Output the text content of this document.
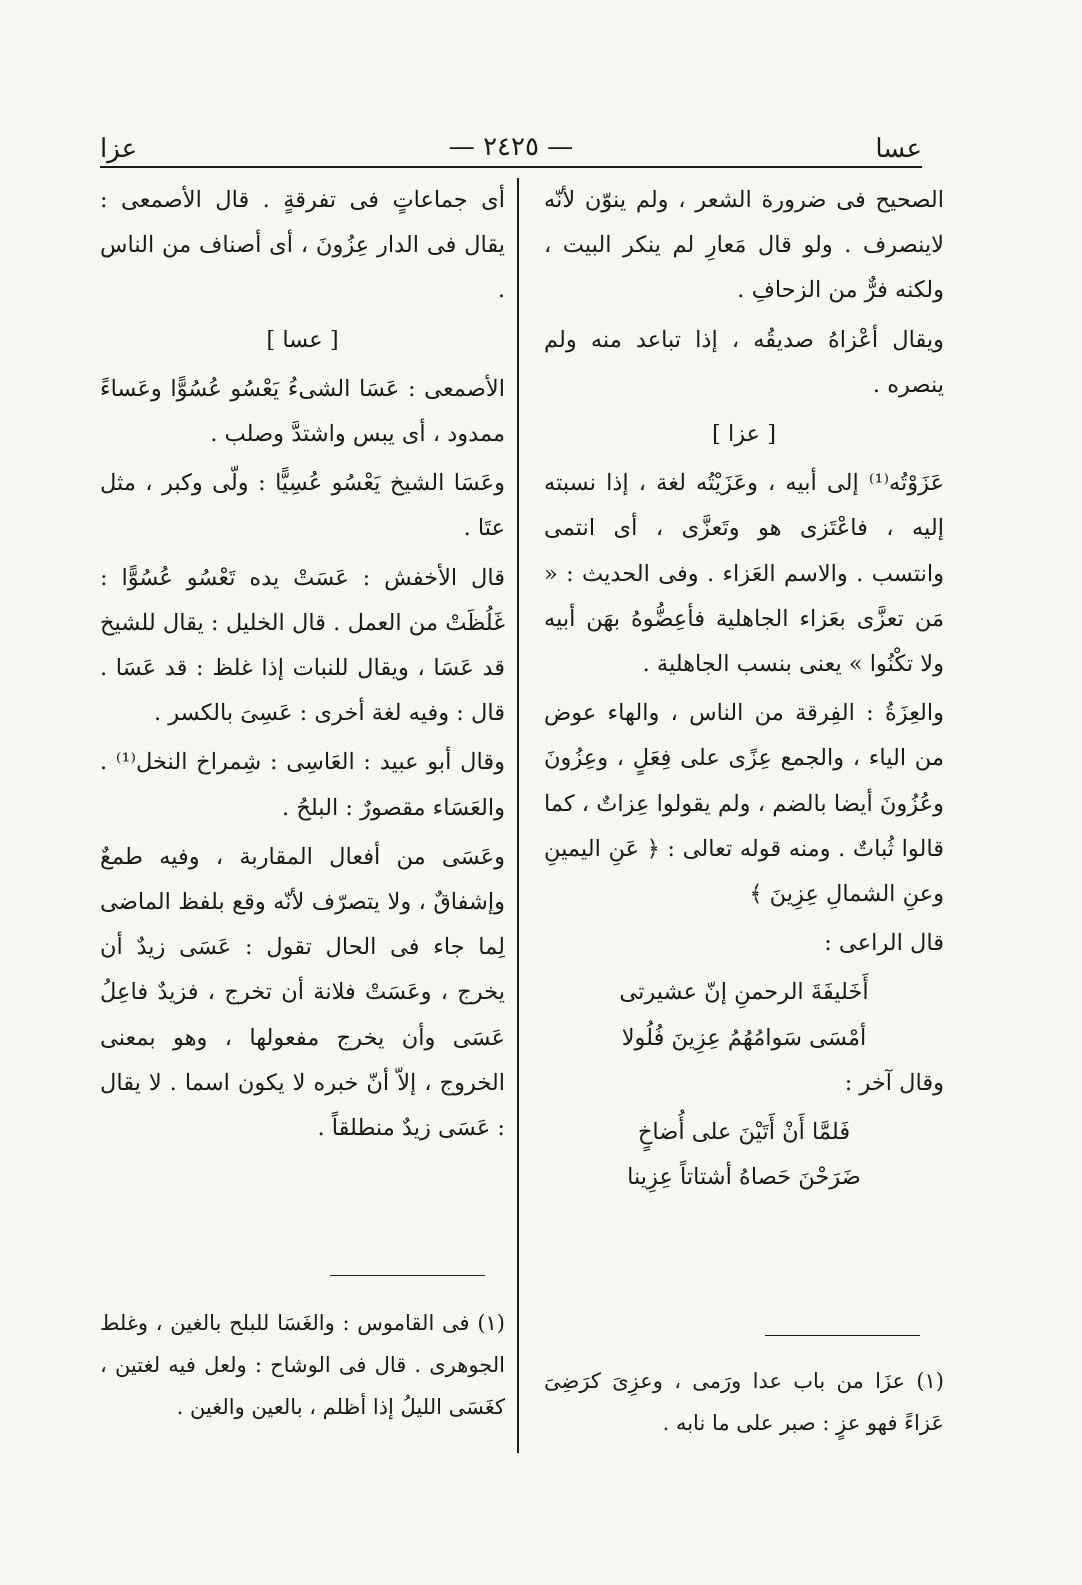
عسا
— ٢٤٢٥ —
عزا

الصحيح فى ضرورة الشعر ، ولم ينوّن لأنّه لاينصرف . ولو قال مَعارِ لم ينكر البيت ، ولكنه فرٌّ من الزحافِ .

ويقال أعْزاهُ صديقُه ، إذا تباعد منه ولم ينصره .

[ عزا ]

عَزَوْتُه⁽¹⁾ إلى أبيه ، وعَزَيْتُه لغة ، إذا نسبته إليه ، فاعْتَزى هو وتَعزَّى ، أى انتمى وانتسب . والاسم العَزاء . وفى الحديث : « مَن تعزَّى بعَزاء الجاهلية فأعِضُّوهُ بهَن أبيه ولا تكْنُوا » يعنى بنسب الجاهلية .

والعِزَةُ : الفِرقة من الناس ، والهاء عوض من الياء ، والجمع عِزًى على فِعَلٍ ، وعِزُونَ وعُزُونَ أيضا بالضم ، ولم يقولوا عِزاتٌ ، كما قالوا ثُباتٌ . ومنه قوله تعالى : ﴿ عَنِ اليمينِ وعنِ الشمالِ عِزِينَ ﴾

قال الراعى :

أَخَليفَةَ الرحمنِ إنّ عشيرتى
أمْسَى سَوامُهُمُ عِزِينَ فُلُولا

وقال آخر :

فَلمَّا أَنْ أَتَيْنَ على أُضاخٍ
ضَرَحْنَ حَصاهُ أشتاتاً عِزِينا
(١) عزَا من باب عدا ورَمى ، وعزِىَ كرَضِىَ عَزاءً فهو عزٍ : صبر على ما نابه .

أى جماعاتٍ فى تفرقةٍ . قال الأصمعى : يقال فى الدار عِزُونَ ، أى أصناف من الناس .

[ عسا ]

الأصمعى : عَسَا الشىءُ يَعْسُو عُسُوًّا وعَساءً ممدود ، أى يبس واشتدَّ وصلب .

وعَسَا الشيخ يَعْسُو عُسِيًّا : ولّى وكبر ، مثل عتَا .

قال الأخفش : عَسَتْ يده تَعْسُو عُسُوًّا : غَلُظَتْ من العمل . قال الخليل : يقال للشيخ قد عَسَا ، ويقال للنبات إذا غلظ : قد عَسَا . قال : وفيه لغة أخرى : عَسِىَ بالكسر .

وقال أبو عبيد : العَاسِى : شِمراخ النخل⁽¹⁾ . والعَسَاء مقصورٌ : البلحُ .

وعَسَى من أفعال المقاربة ، وفيه طمعٌ وإشفاقٌ ، ولا يتصرّف لأنّه وقع بلفظ الماضى لِما جاء فى الحال تقول : عَسَى زيدٌ أن يخرج ، وعَسَتْ فلانة أن تخرج ، فزيدٌ فاعِلُ عَسَى وأن يخرج مفعولها ، وهو بمعنى الخروج ، إلاّ أنّ خبره لا يكون اسما . لا يقال : عَسَى زيدٌ منطلقاً .

(١) فى القاموس : والغَسَا للبلح بالغين ، وغلط الجوهرى . قال فى الوشاح : ولعل فيه لغتين ، كغَسَى الليلُ إذا أظلم ، بالعين والغين .
